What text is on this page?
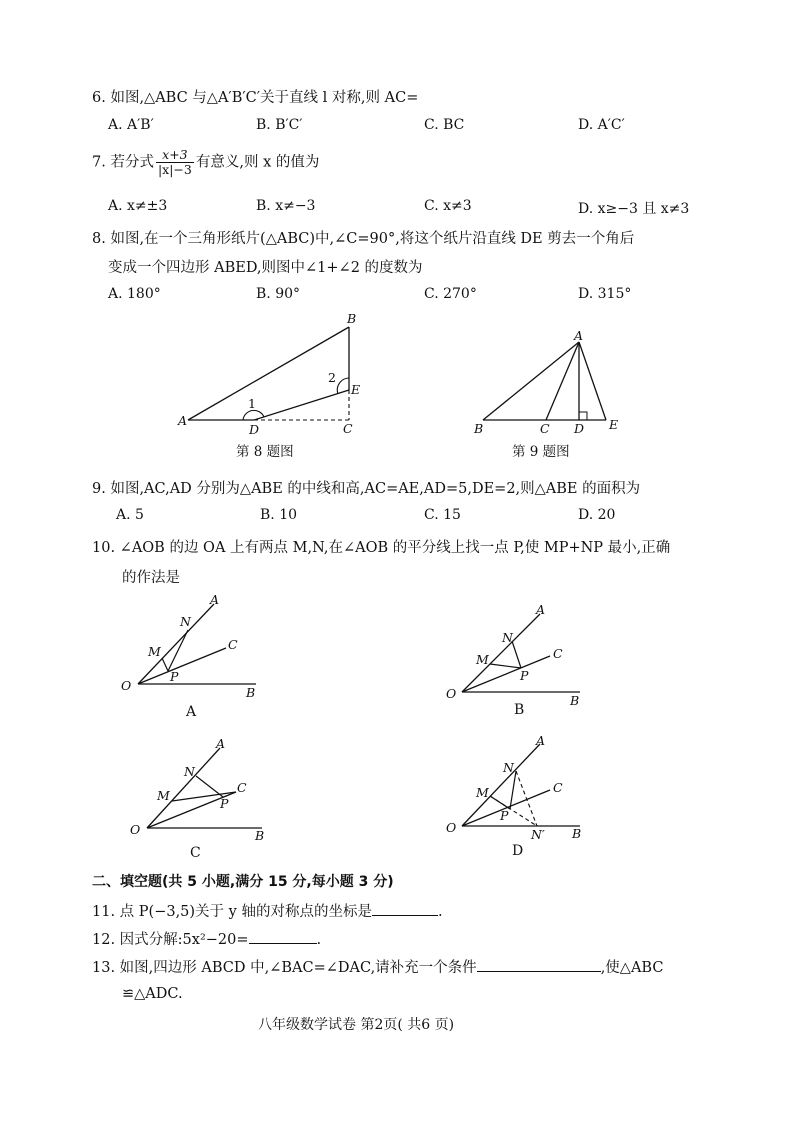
6. 如图,△ABC 与△A′B′C′关于直线 l 对称,则 AC=
A. A′B′	B. B′C′	C. BC	D. A′C′
7. 若分式 $\frac{x+3}{|x|-3}$ 有意义,则 x 的值为
A. x≠±3	B. x≠−3	C. x≠3	D. x≥−3 且 x≠3
8. 如图,在一个三角形纸片(△ABC)中,∠C=90°,将这个纸片沿直线 DE 剪去一个角后
变成一个四边形 ABED,则图中∠1+∠2 的度数为
A. 180°	B. 90°	C. 270°	D. 315°
A
B
C
D
E
1
2
第 8 题图
A
B	C D E
第 9 题图
9. 如图,AC,AD 分别为△ABE 的中线和高,AC=AE,AD=5,DE=2,则△ABE 的面积为
A. 5	B. 10	C. 15	D. 20
10. ∠AOB 的边 OA 上有两点 M,N,在∠AOB 的平分线上找一点 P,使 MP+NP 最小,正确
的作法是
O
A
N
M	C
P
B	O
A
N
M	C
P
B
O
A
N
M
C
P
B
O
A
N
M	C
P
N′ B
A	B
C	D
二、填空题(共 5 小题,满分 15 分,每小题 3 分)
11. 点 P(−3,5)关于 y 轴的对称点的坐标是	.
12. 因式分解:5x²−20=	.
13. 如图,四边形 ABCD 中,∠BAC=∠DAC,请补充一个条件	,使△ABC
≌△ADC.
八年级数学试卷 第2页( 共6 页)
